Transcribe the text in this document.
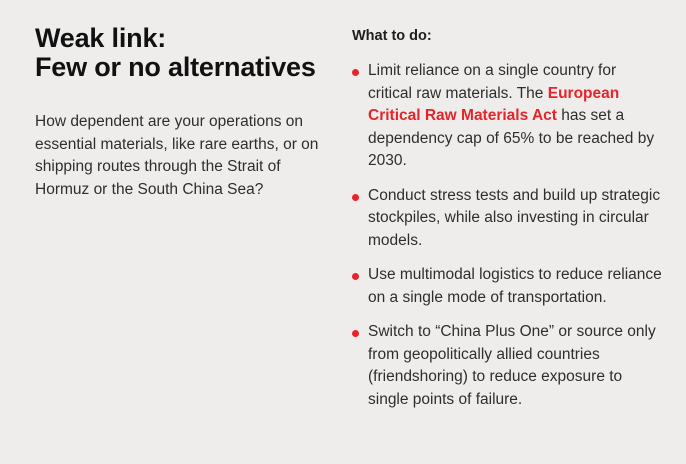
Weak link:
Few or no alternatives

How dependent are your operations on essential materials, like rare earths, or on shipping routes through the Strait of Hormuz or the South China Sea?

What to do:
Limit reliance on a single country for critical raw materials. The European Critical Raw Materials Act has set a dependency cap of 65% to be reached by 2030.
Conduct stress tests and build up strategic stockpiles, while also investing in circular models.
Use multimodal logistics to reduce reliance on a single mode of transportation.
Switch to “China Plus One” or source only from geopolitically allied countries (friendshoring) to reduce exposure to single points of failure.
